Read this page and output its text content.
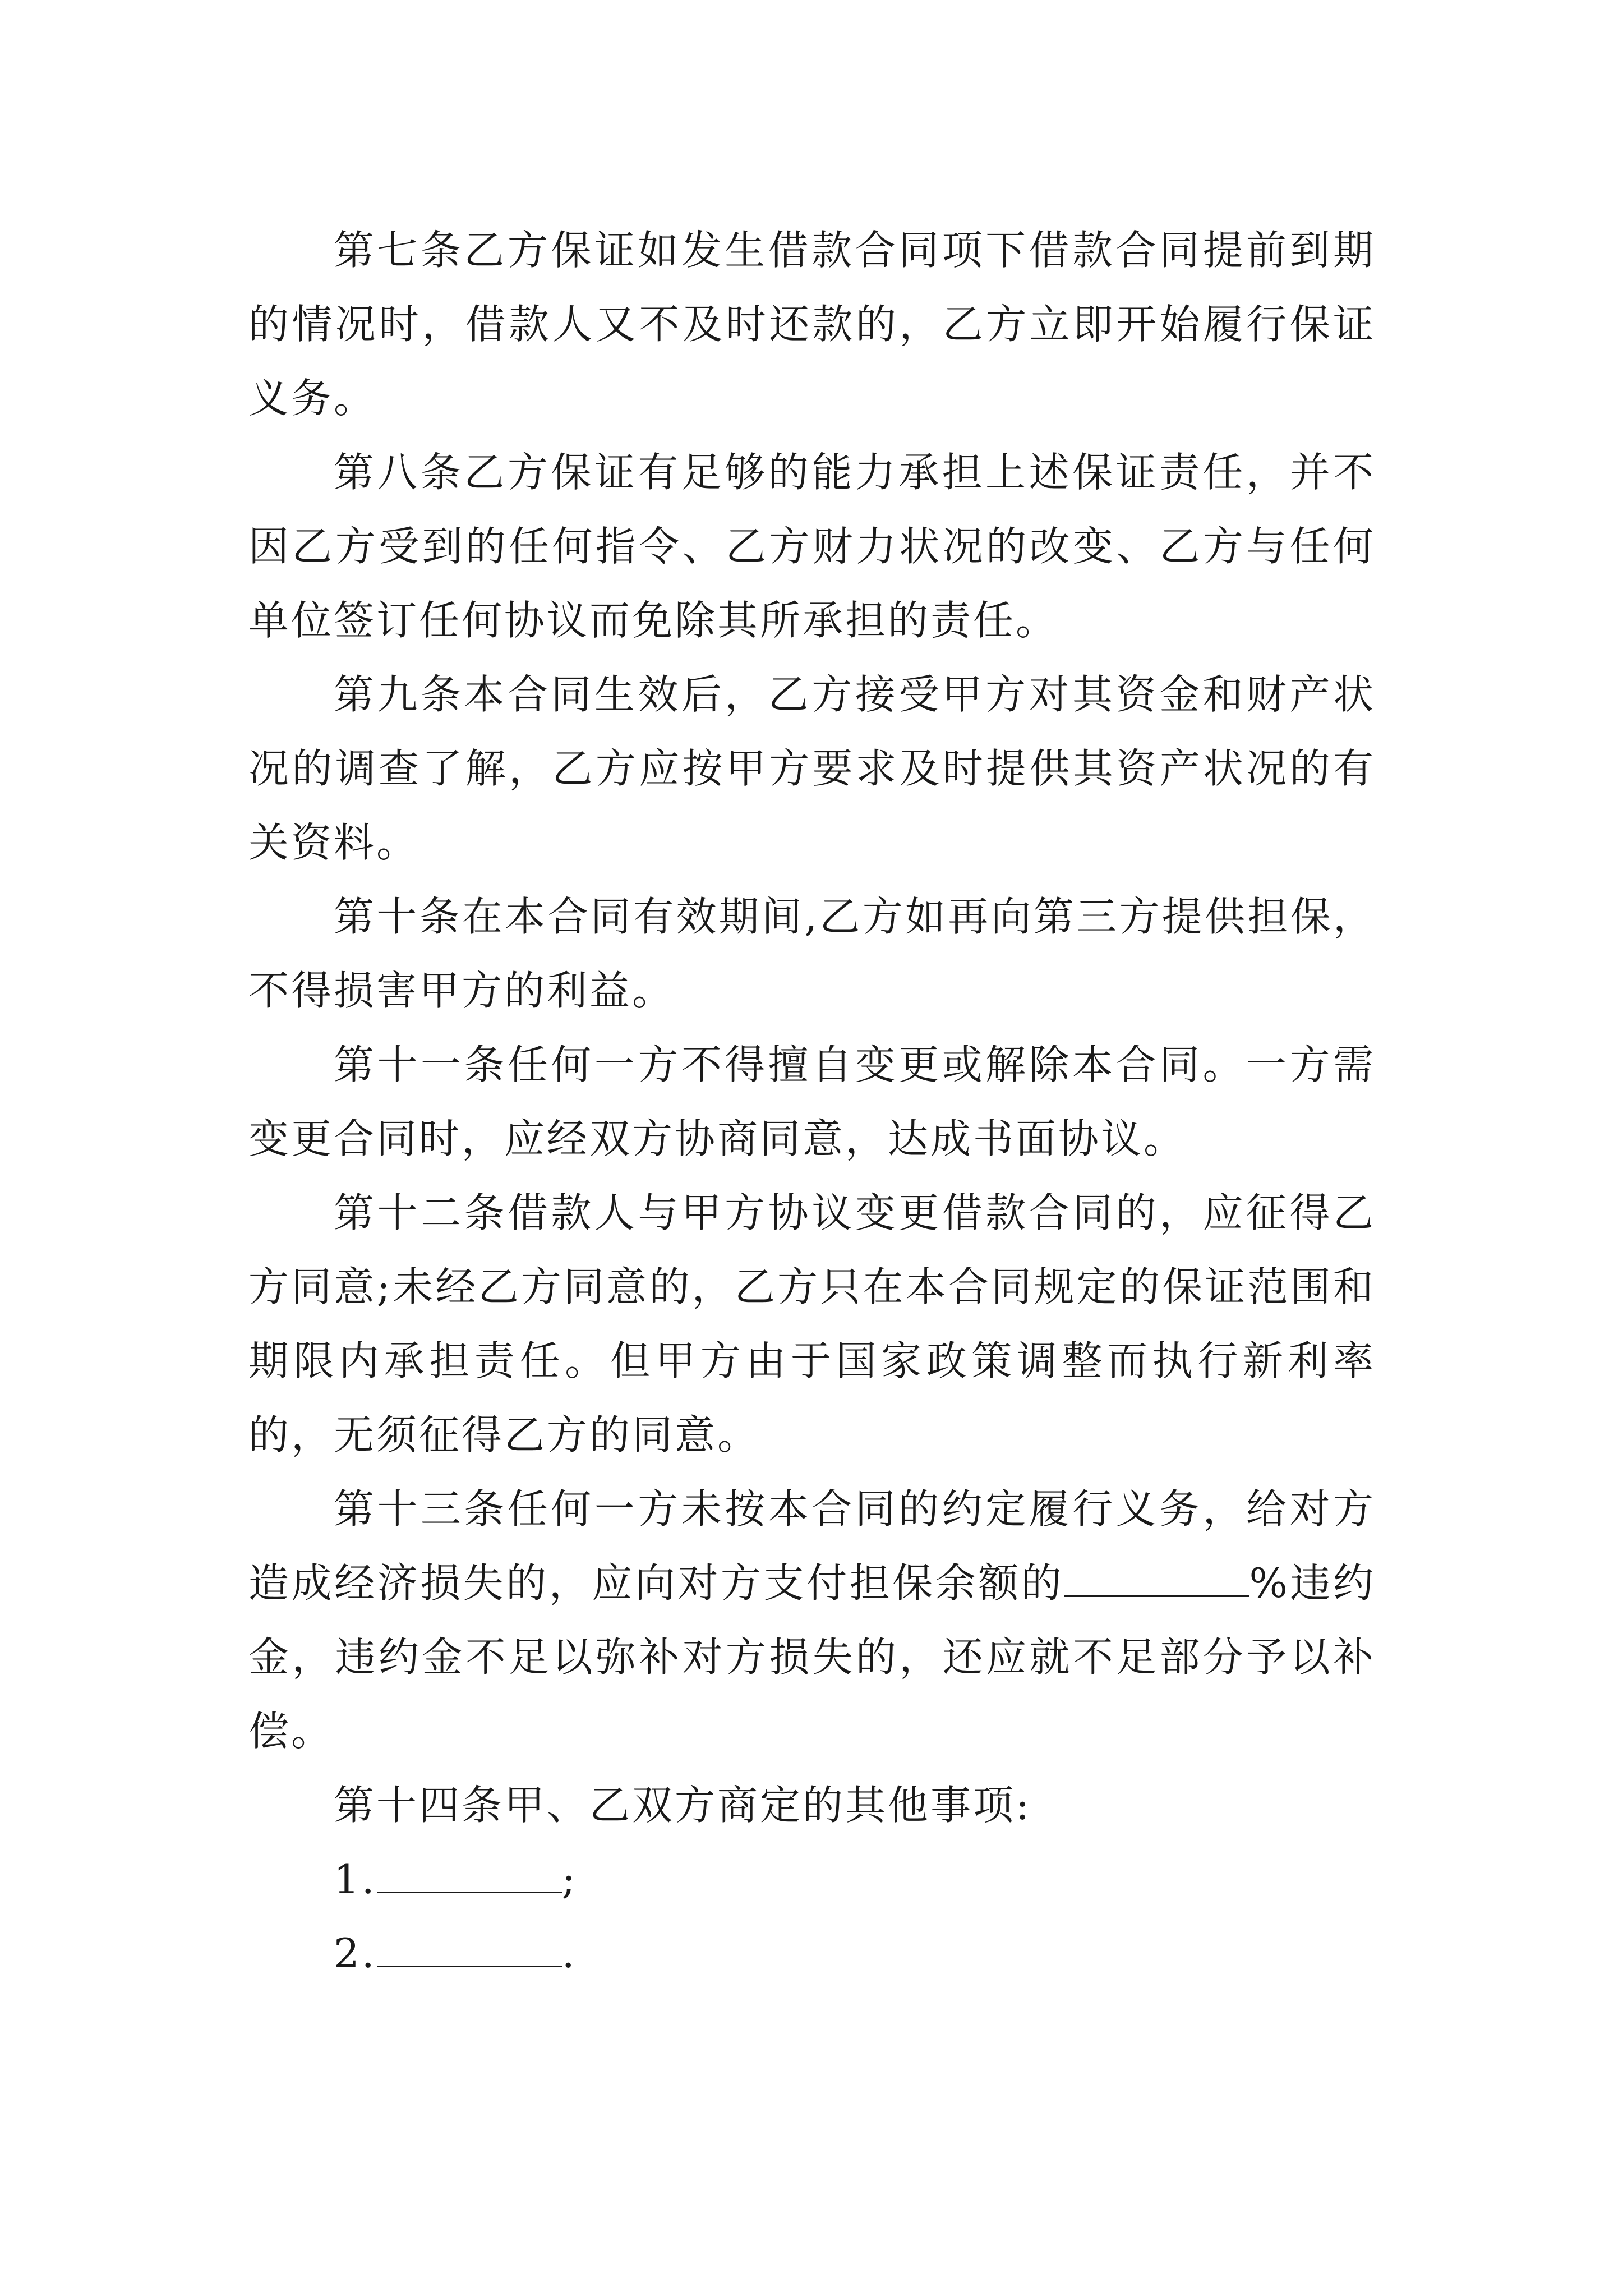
第七条乙方保证如发生借款合同项下借款合同提前到期的情况时，借款人又不及时还款的，乙方立即开始履行保证义务。

第八条乙方保证有足够的能力承担上述保证责任，并不因乙方受到的任何指令、乙方财力状况的改变、乙方与任何单位签订任何协议而免除其所承担的责任。

第九条本合同生效后，乙方接受甲方对其资金和财产状况的调查了解，乙方应按甲方要求及时提供其资产状况的有关资料。

第十条在本合同有效期间,乙方如再向第三方提供担保，不得损害甲方的利益。

第十一条任何一方不得擅自变更或解除本合同。一方需变更合同时，应经双方协商同意，达成书面协议。

第十二条借款人与甲方协议变更借款合同的，应征得乙方同意;未经乙方同意的，乙方只在本合同规定的保证范围和期限内承担责任。但甲方由于国家政策调整而执行新利率的，无须征得乙方的同意。

第十三条任何一方未按本合同的约定履行义务，给对方造成经济损失的，应向对方支付担保余额的	%违约金，违约金不足以弥补对方损失的，还应就不足部分予以补偿。

第十四条甲、乙双方商定的其他事项:

1.	;

2.	.
